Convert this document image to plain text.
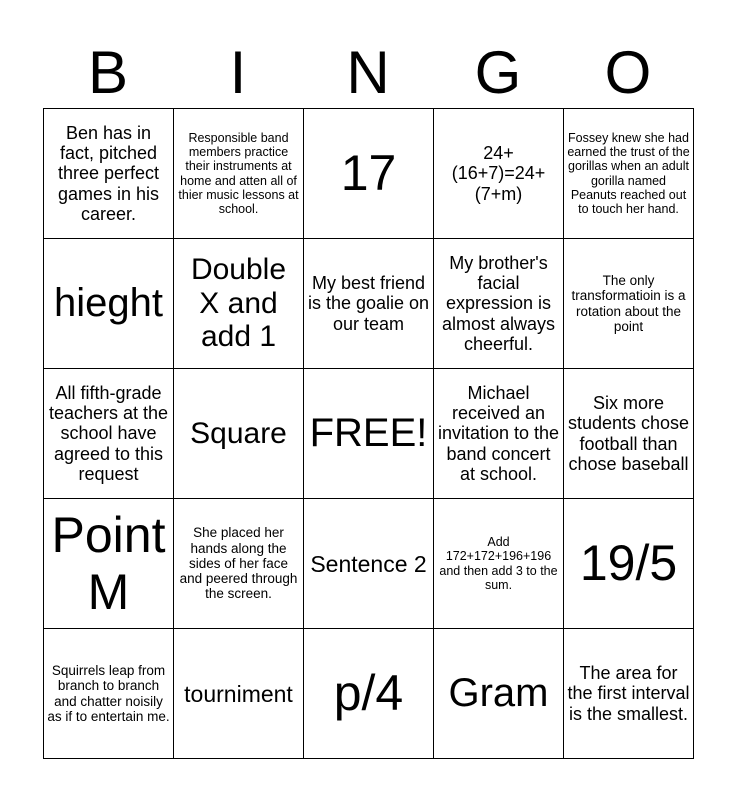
B	I	N	G	O
Ben has in fact, pitched three perfect games in his career.	Responsible band members practice their instruments at home and atten all of thier music lessons at school.	17	24+(16+7)=24+(7+m)	Fossey knew she had earned the trust of the gorillas when an adult gorilla named Peanuts reached out to touch her hand.
hieght	Double X and add 1	My best friend is the goalie on our team	My brother's facial expression is almost always cheerful.	The only transformatioin is a rotation about the point
All fifth-grade teachers at the school have agreed to this request	Square	FREE!	Michael received an invitation to the band concert at school.	Six more students chose football than chose baseball
Point M	She placed her hands along the sides of her face and peered through the screen.	Sentence 2	Add 172+172+196+196 and then add 3 to the sum.	19/5
Squirrels leap from branch to branch and chatter noisily as if to entertain me.	tourniment	p/4	Gram	The area for the first interval is the smallest.
